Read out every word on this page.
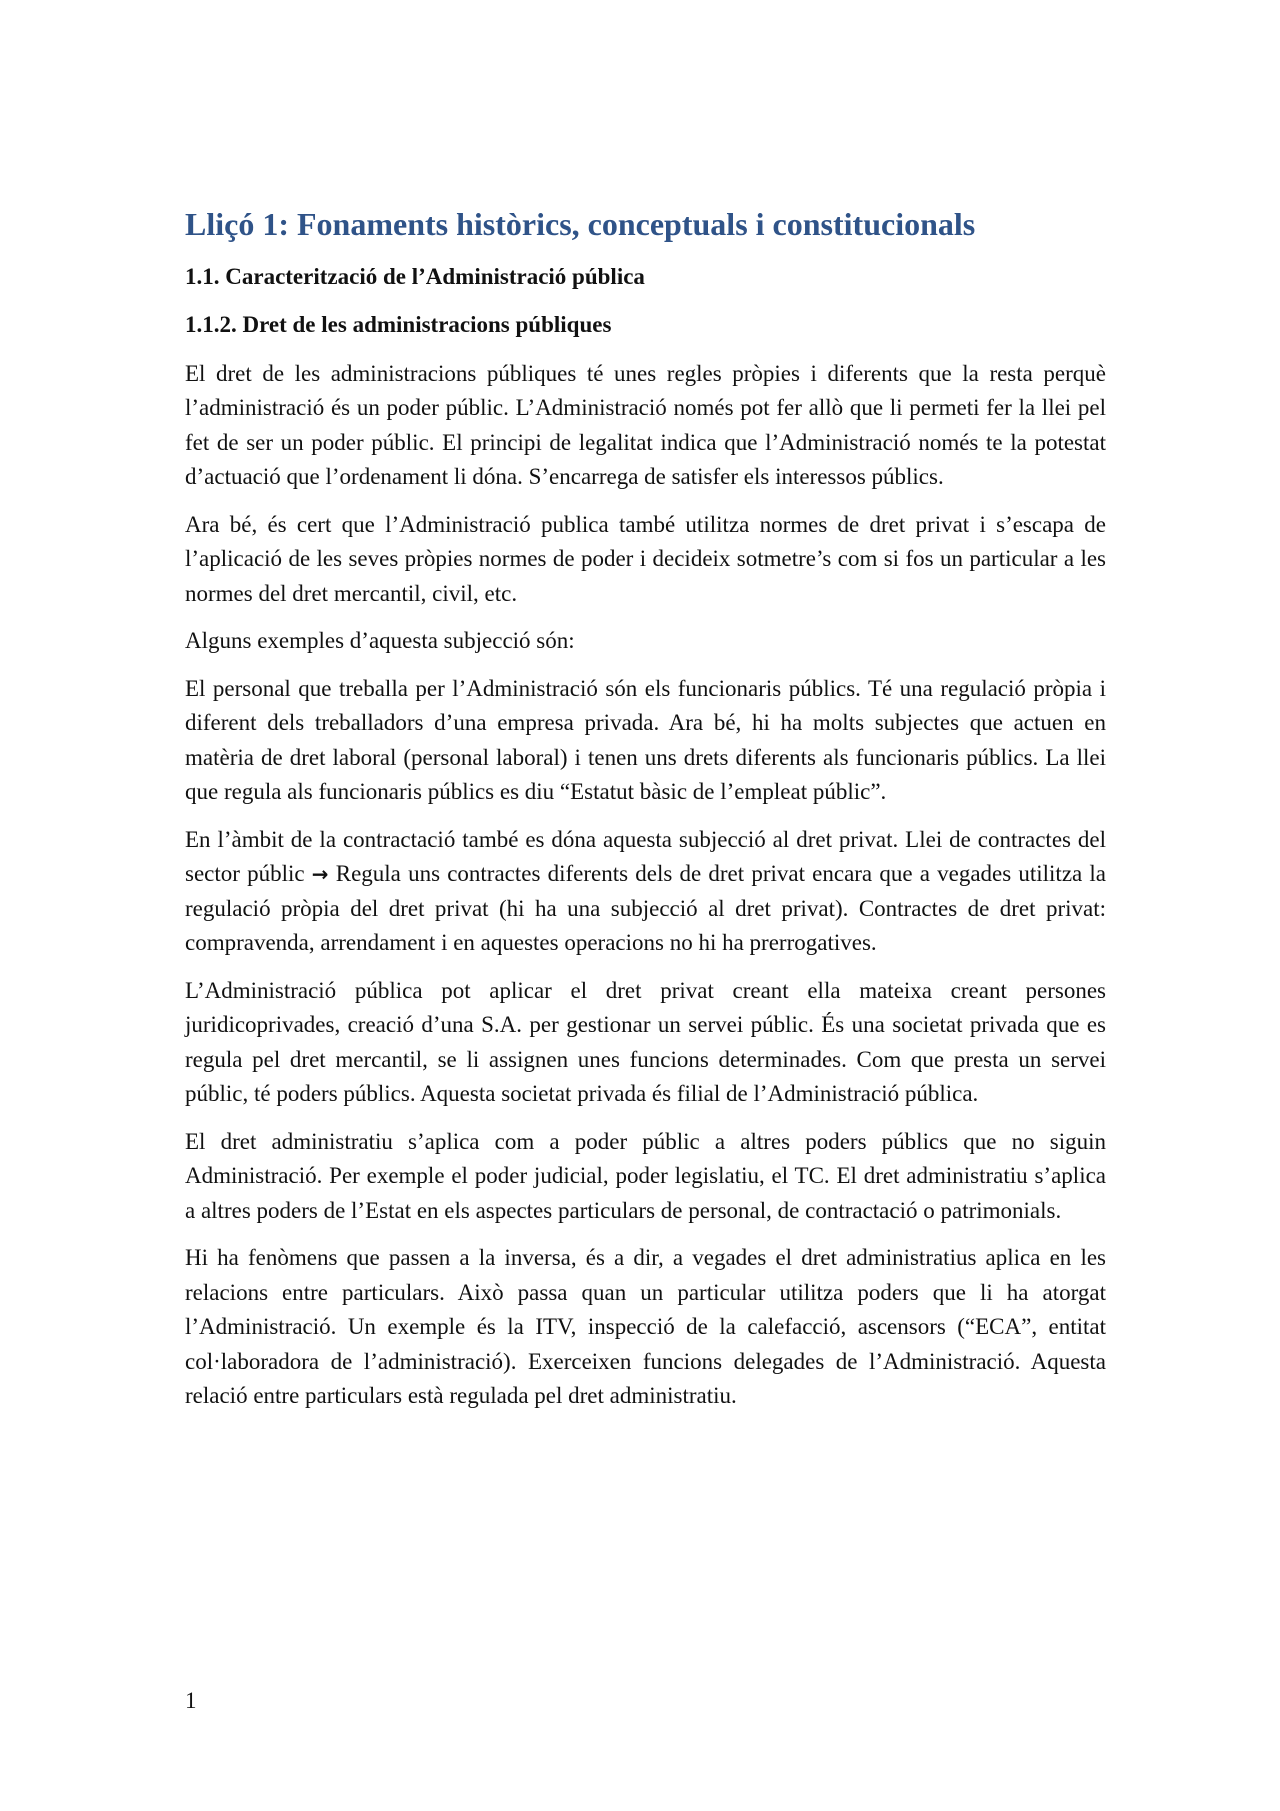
Lliçó 1: Fonaments històrics, conceptuals i constitucionals
1.1. Caracterització de l’Administració pública
1.1.2. Dret de les administracions públiques

El dret de les administracions públiques té unes regles pròpies i diferents que la resta perquè l’administració és un poder públic. L’Administració només pot fer allò que li permeti fer la llei pel fet de ser un poder públic. El principi de legalitat indica que l’Administració només te la potestat d’actuació que l’ordenament li dóna. S’encarrega de satisfer els interessos públics.

Ara bé, és cert que l’Administració publica també utilitza normes de dret privat i s’escapa de l’aplicació de les seves pròpies normes de poder i decideix sotmetre’s com si fos un particular a les normes del dret mercantil, civil, etc.

Alguns exemples d’aquesta subjecció són:

El personal que treballa per l’Administració són els funcionaris públics. Té una regulació pròpia i diferent dels treballadors d’una empresa privada. Ara bé, hi ha molts subjectes que actuen en matèria de dret laboral (personal laboral) i tenen uns drets diferents als funcionaris públics. La llei que regula als funcionaris públics es diu “Estatut bàsic de l’empleat públic”.

En l’àmbit de la contractació també es dóna aquesta subjecció al dret privat. Llei de contractes del sector públic → Regula uns contractes diferents dels de dret privat encara que a vegades utilitza la regulació pròpia del dret privat (hi ha una subjecció al dret privat). Contractes de dret privat: compravenda, arrendament i en aquestes operacions no hi ha prerrogatives.

L’Administració pública pot aplicar el dret privat creant ella mateixa creant persones juridicoprivades, creació d’una S.A. per gestionar un servei públic. És una societat privada que es regula pel dret mercantil, se li assignen unes funcions determinades. Com que presta un servei públic, té poders públics. Aquesta societat privada és filial de l’Administració pública.

El dret administratiu s’aplica com a poder públic a altres poders públics que no siguin Administració. Per exemple el poder judicial, poder legislatiu, el TC. El dret administratiu s’aplica a altres poders de l’Estat en els aspectes particulars de personal, de contractació o patrimonials.

Hi ha fenòmens que passen a la inversa, és a dir, a vegades el dret administratius aplica en les relacions entre particulars. Això passa quan un particular utilitza poders que li ha atorgat l’Administració. Un exemple és la ITV, inspecció de la calefacció, ascensors (“ECA”, entitat col·laboradora de l’administració). Exerceixen funcions delegades de l’Administració. Aquesta relació entre particulars està regulada pel dret administratiu.

1
